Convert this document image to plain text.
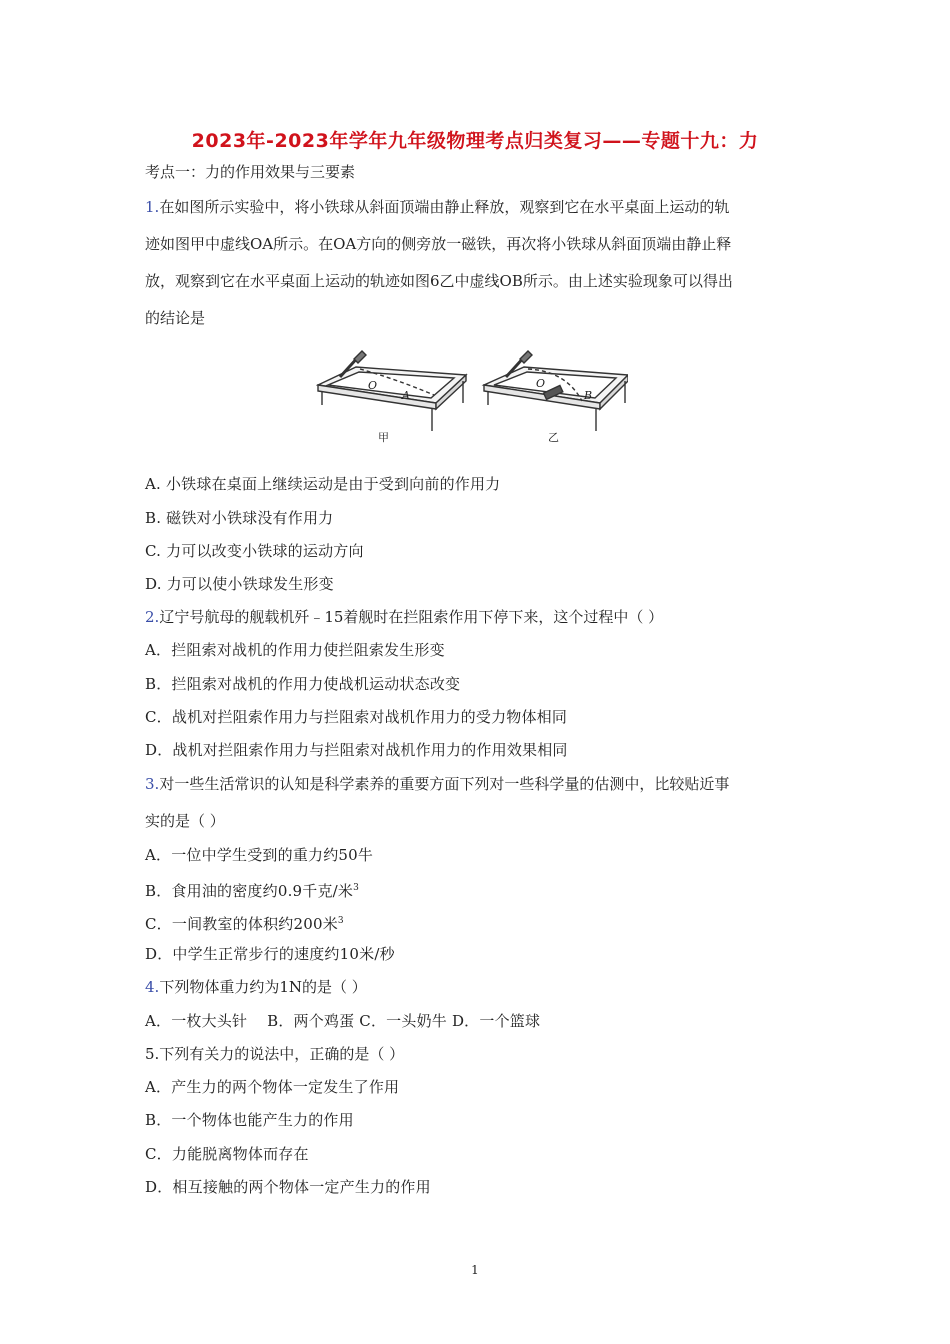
2023年-2023年学年九年级物理考点归类复习——专题十九：力
考点一：力的作用效果与三要素
1.在如图所示实验中，将小铁球从斜面顶端由静止释放，观察到它在水平桌面上运动的轨
迹如图甲中虚线OA所示。在OA方向的侧旁放一磁铁，再次将小铁球从斜面顶端由静止释
放，观察到它在水平桌面上运动的轨迹如图6乙中虚线OB所示。由上述实验现象可以得出
的结论是
O
A
甲
O
B
乙
A. 小铁球在桌面上继续运动是由于受到向前的作用力
B. 磁铁对小铁球没有作用力
C. 力可以改变小铁球的运动方向
D. 力可以使小铁球发生形变
2.辽宁号航母的舰载机歼﹣15着舰时在拦阻索作用下停下来，这个过程中（ ）
A．拦阻索对战机的作用力使拦阻索发生形变
B．拦阻索对战机的作用力使战机运动状态改变
C．战机对拦阻索作用力与拦阻索对战机作用力的受力物体相同
D．战机对拦阻索作用力与拦阻索对战机作用力的作用效果相同
3.对一些生活常识的认知是科学素养的重要方面下列对一些科学量的估测中，比较贴近事
实的是（ ）
A．一位中学生受到的重力约50牛
B．食用油的密度约0.9千克/米$^3$
C．一间教室的体积约200米$^3$
D．中学生正常步行的速度约10米/秒
4.下列物体重力约为1N的是（ ）
A．一枚大头针    B．两个鸡蛋 C．一头奶牛 D．一个篮球
5.下列有关力的说法中，正确的是（ ）
A．产生力的两个物体一定发生了作用
B．一个物体也能产生力的作用
C．力能脱离物体而存在
D．相互接触的两个物体一定产生力的作用
1
